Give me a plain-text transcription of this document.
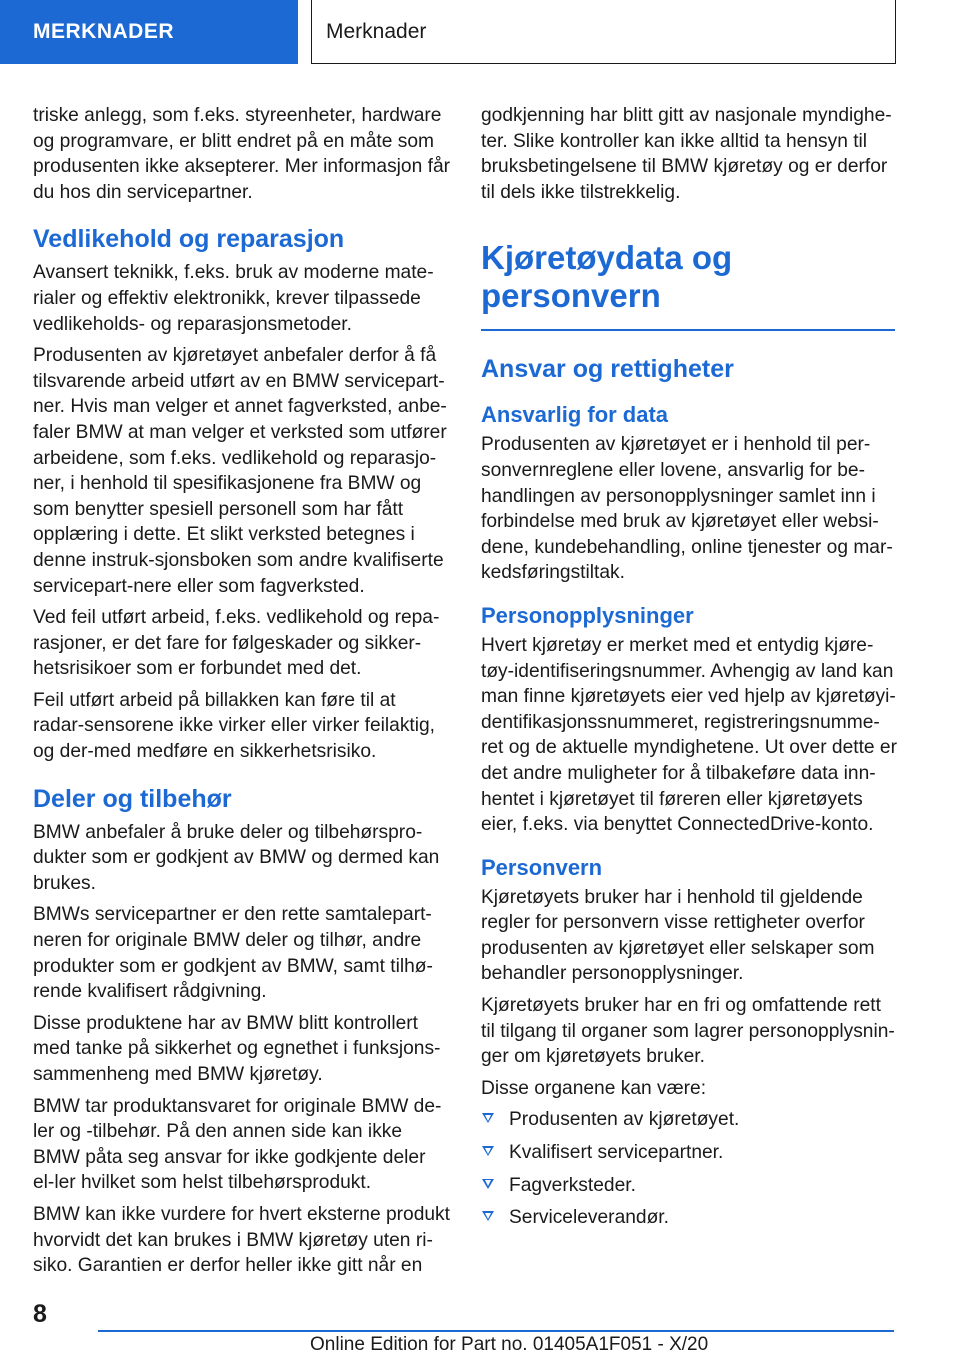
MERKNADER	Merknader

triske anlegg, som f.eks. styreenheter, hardware og programvare, er blitt endret på en måte som produsenten ikke aksepterer. Mer informasjon får du hos din servicepartner.

Vedlikehold og reparasjon

Avansert teknikk, f.eks. bruk av moderne mate-rialer og effektiv elektronikk, krever tilpassede vedlikeholds- og reparasjonsmetoder.

Produsenten av kjøretøyet anbefaler derfor å få tilsvarende arbeid utført av en BMW servicepart-ner. Hvis man velger et annet fagverksted, anbe-faler BMW at man velger et verksted som utfører arbeidene, som f.eks. vedlikehold og reparasjo-ner, i henhold til spesifikasjonene fra BMW og som benytter spesiell personell som har fått opplæring i dette. Et slikt verksted betegnes i denne instruk-sjonsboken som andre kvalifiserte servicepart-nere eller som fagverksted.

Ved feil utført arbeid, f.eks. vedlikehold og repa-rasjoner, er det fare for følgeskader og sikker-hetsrisikoer som er forbundet med det.

Feil utført arbeid på billakken kan føre til at radar-sensorene ikke virker eller virker feilaktig, og der-med medføre en sikkerhetsrisiko.

Deler og tilbehør

BMW anbefaler å bruke deler og tilbehørspro-dukter som er godkjent av BMW og dermed kan brukes.

BMWs servicepartner er den rette samtalepart-neren for originale BMW deler og tilhør, andre produkter som er godkjent av BMW, samt tilhø-rende kvalifisert rådgivning.

Disse produktene har av BMW blitt kontrollert med tanke på sikkerhet og egnethet i funksjons-sammenheng med BMW kjøretøy.

BMW tar produktansvaret for originale BMW de-ler og -tilbehør. På den annen side kan ikke BMW påta seg ansvar for ikke godkjente deler el-ler hvilket som helst tilbehørsprodukt.

BMW kan ikke vurdere for hvert eksterne produkt hvorvidt det kan brukes i BMW kjøretøy uten ri-siko. Garantien er derfor heller ikke gitt når en

godkjenning har blitt gitt av nasjonale myndighe-ter. Slike kontroller kan ikke alltid ta hensyn til bruksbetingelsene til BMW kjøretøy og er derfor til dels ikke tilstrekkelig.

Kjøretøydata og personvern
Ansvar og rettigheter
Ansvarlig for data

Produsenten av kjøretøyet er i henhold til per-sonvernreglene eller lovene, ansvarlig for be-handlingen av personopplysninger samlet inn i forbindelse med bruk av kjøretøyet eller websi-dene, kundebehandling, online tjenester og mar-kedsføringstiltak.

Personopplysninger

Hvert kjøretøy er merket med et entydig kjøre-tøy-identifiseringsnummer. Avhengig av land kan man finne kjøretøyets eier ved hjelp av kjøretøyi-dentifikasjonssnummeret, registreringsnumme-ret og de aktuelle myndighetene. Ut over dette er det andre muligheter for å tilbakeføre data inn-hentet i kjøretøyet til føreren eller kjøretøyets eier, f.eks. via benyttet ConnectedDrive-konto.

Personvern

Kjøretøyets bruker har i henhold til gjeldende regler for personvern visse rettigheter overfor produsenten av kjøretøyet eller selskaper som behandler personopplysninger.

Kjøretøyets bruker har en fri og omfattende rett til tilgang til organer som lagrer personopplysnin-ger om kjøretøyets bruker.

Disse organene kan være:

Produsenten av kjøretøyet.
Kvalifisert servicepartner.
Fagverksteder.
Serviceleverandør.
8
Online Edition for Part no. 01405A1F051 - X/20
